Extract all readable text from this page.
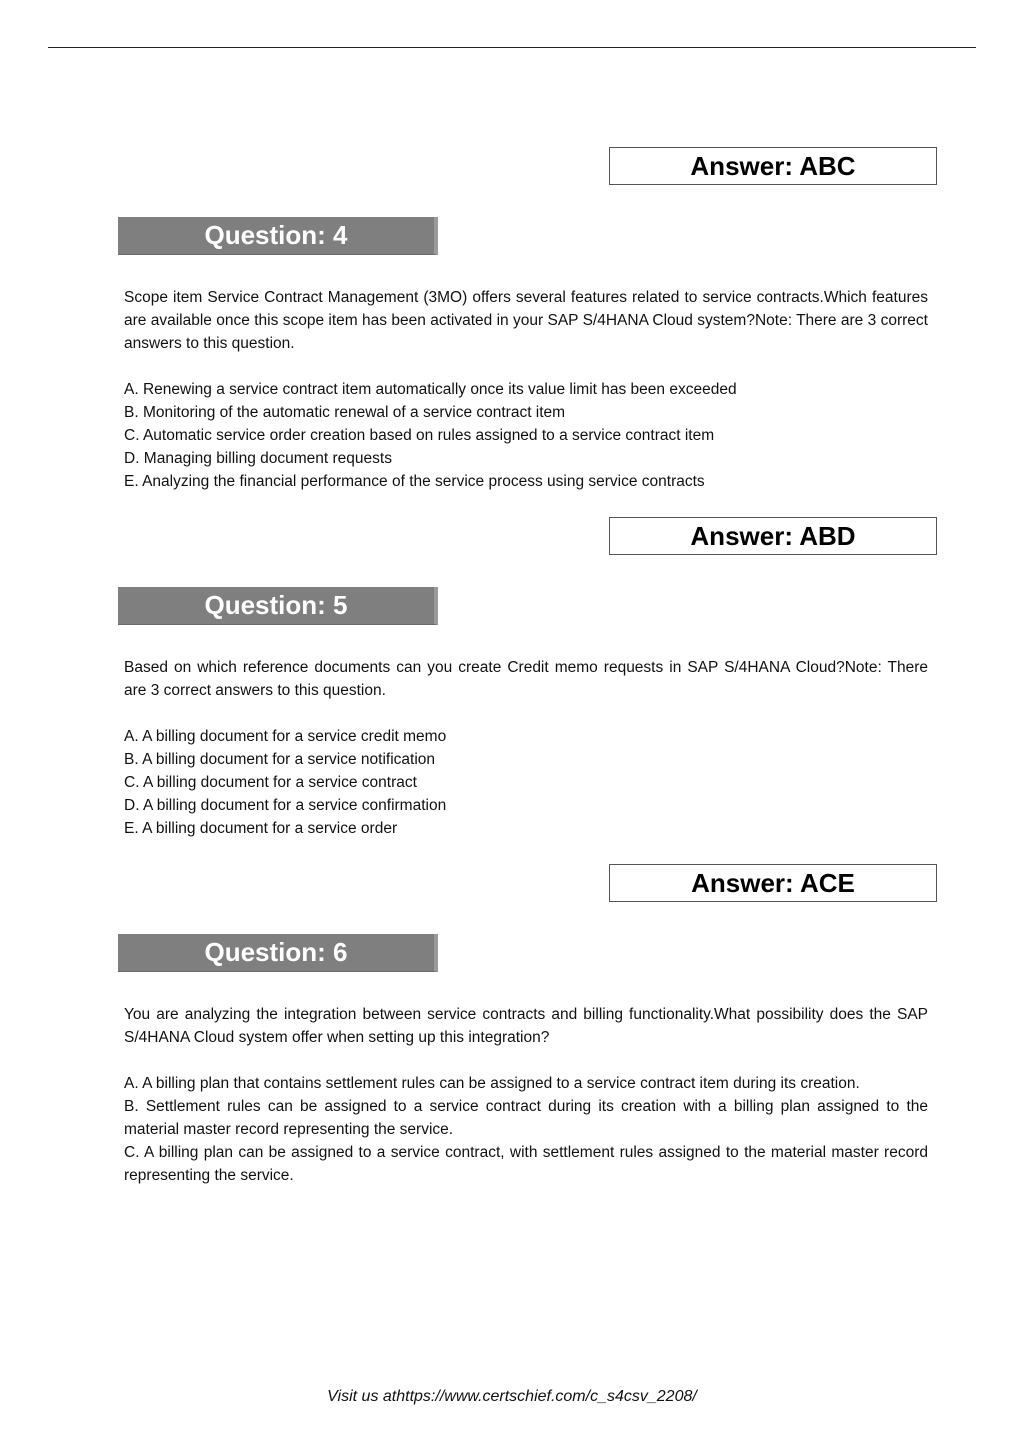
Answer: ABC
Question: 4

Scope item Service Contract Management (3MO) offers several features related to service contracts.Which features are available once this scope item has been activated in your SAP S/4HANA Cloud system?Note: There are 3 correct answers to this question.

A. Renewing a service contract item automatically once its value limit has been exceeded
B. Monitoring of the automatic renewal of a service contract item
C. Automatic service order creation based on rules assigned to a service contract item
D. Managing billing document requests
E. Analyzing the financial performance of the service process using service contracts
Answer: ABD
Question: 5

Based on which reference documents can you create Credit memo requests in SAP S/4HANA Cloud?Note: There are 3 correct answers to this question.

A. A billing document for a service credit memo
B. A billing document for a service notification
C. A billing document for a service contract
D. A billing document for a service confirmation
E. A billing document for a service order
Answer: ACE
Question: 6

You are analyzing the integration between service contracts and billing functionality.What possibility does the SAP S/4HANA Cloud system offer when setting up this integration?

A. A billing plan that contains settlement rules can be assigned to a service contract item during its creation.
B. Settlement rules can be assigned to a service contract during its creation with a billing plan assigned to the material master record representing the service.
C. A billing plan can be assigned to a service contract, with settlement rules assigned to the material master record representing the service.
Visit us athttps://www.certschief.com/c_s4csv_2208/
